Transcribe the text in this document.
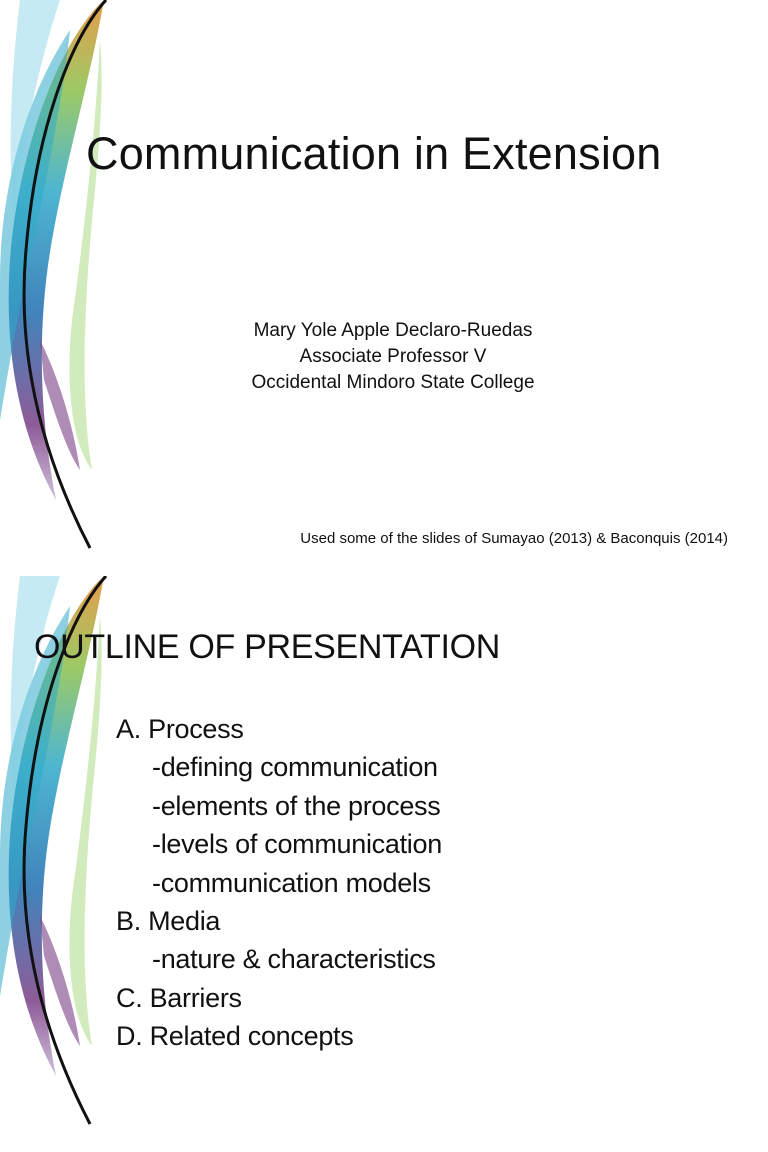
Communication in Extension
Mary Yole Apple Declaro-Ruedas
Associate Professor V
Occidental Mindoro State College
Used some of the slides of Sumayao (2013) & Baconquis (2014)
OUTLINE OF PRESENTATION
A. Process
-defining communication
-elements of the process
-levels of communication
-communication models
B. Media
-nature & characteristics
C. Barriers
D. Related concepts
